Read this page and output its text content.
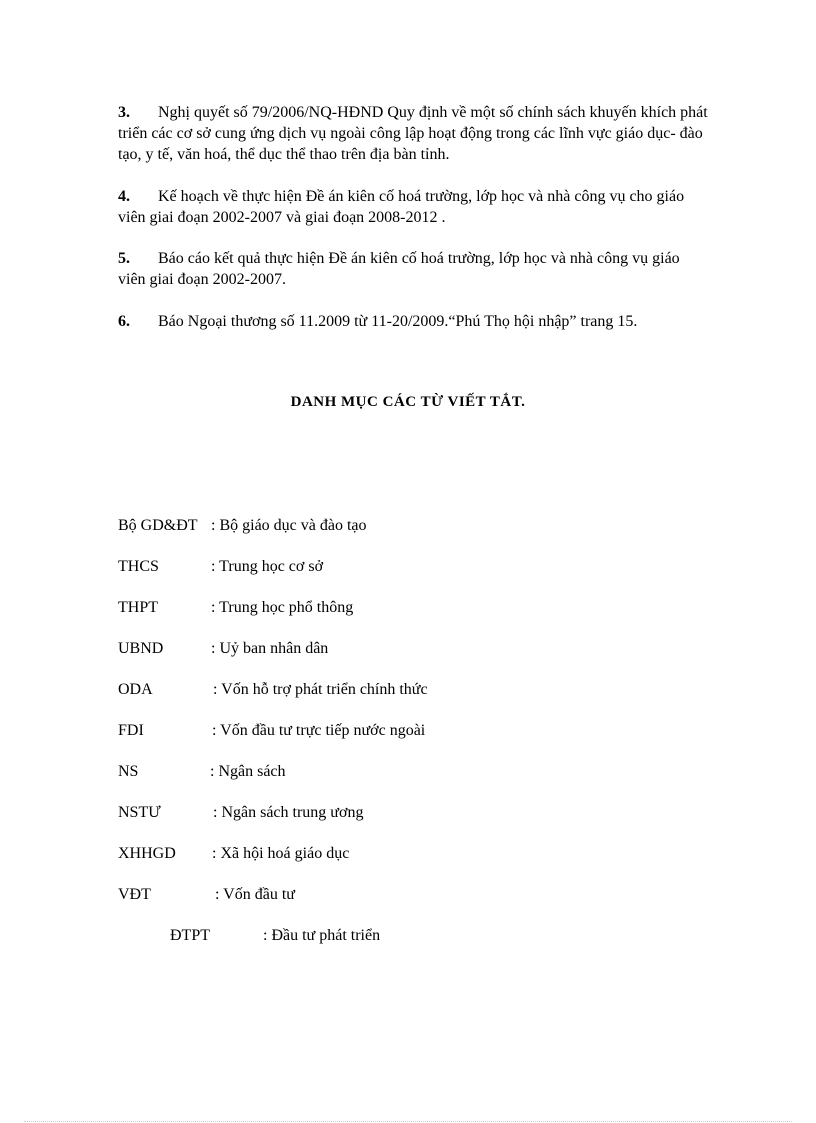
3. Nghị quyết số 79/2006/NQ-HĐND Quy định về một số chính sách khuyến khích phát triển các cơ sở cung ứng dịch vụ ngoài công lập hoạt động trong các lĩnh vực giáo dục- đào tạo, y tế, văn hoá, thể dục thể thao trên địa bàn tỉnh.

4. Kế hoạch về thực hiện Đề án kiên cố hoá trường, lớp học và nhà công vụ cho giáo viên giai đoạn 2002-2007 và giai đoạn 2008-2012 .

5. Báo cáo kết quả thực hiện Đề án kiên cố hoá trường, lớp học và nhà công vụ giáo viên giai đoạn 2002-2007.

6. Báo Ngoại thương số 11.2009 từ 11-20/2009.“Phú Thọ hội nhập” trang 15.

DANH MỤC CÁC TỪ VIẾT TẮT.
Bộ GD&ĐT : Bộ giáo dục và đào tạo
THCS	: Trung học cơ sở
THPT	: Trung học phổ thông
UBND	: Uỷ ban nhân dân
ODA	: Vốn hỗ trợ phát triển chính thức
FDI	: Vốn đầu tư trực tiếp nước ngoài
NS	: Ngân sách
NSTƯ	: Ngân sách trung ương
XHHGD : Xã hội hoá giáo dục
VĐT	: Vốn đầu tư
ĐTPT	: Đầu tư phát triển
